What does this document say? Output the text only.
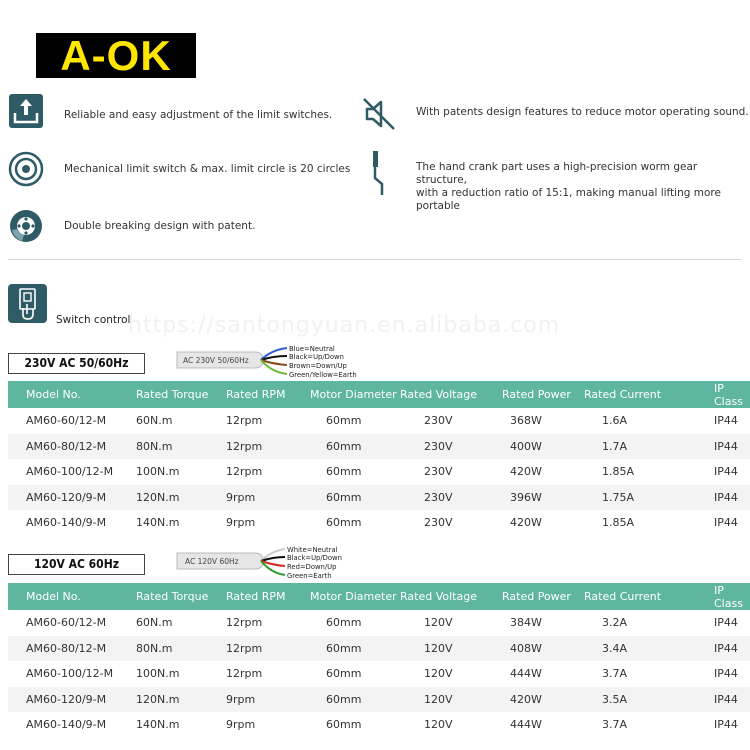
A-OK
Reliable and easy adjustment of the limit switches.
Mechanical limit switch & max. limit circle is 20 circles
Double breaking design with patent.
With patents design features to reduce motor operating sound.
The hand crank part uses a high-precision worm gear structure,
with a reduction ratio of 15:1, making manual lifting more portable
Switch control
https://santongyuan.en.alibaba.com
230V AC 50/60Hz	AC 230V 50/60Hz
Blue=Neutral
Black=Up/Down
Brown=Down/Up
Green/Yellow=Earth
Model No.	Rated Torque	Rated RPM	Motor Diameter	Rated Voltage	Rated Power	Rated Current	IP Class
AM60-60/12-M	60N.m	12rpm	60mm	230V	368W	1.6A	IP44
AM60-80/12-M	80N.m	12rpm	60mm	230V	400W	1.7A	IP44
AM60-100/12-M	100N.m	12rpm	60mm	230V	420W	1.85A	IP44
AM60-120/9-M	120N.m	9rpm	60mm	230V	396W	1.75A	IP44
AM60-140/9-M	140N.m	9rpm	60mm	230V	420W	1.85A	IP44
120V AC 60Hz	AC 120V 60Hz
White=Neutral
Black=Up/Down
Red=Down/Up
Green=Earth
Model No.	Rated Torque	Rated RPM	Motor Diameter	Rated Voltage	Rated Power	Rated Current	IP Class
AM60-60/12-M	60N.m	12rpm	60mm	120V	384W	3.2A	IP44
AM60-80/12-M	80N.m	12rpm	60mm	120V	408W	3.4A	IP44
AM60-100/12-M	100N.m	12rpm	60mm	120V	444W	3.7A	IP44
AM60-120/9-M	120N.m	9rpm	60mm	120V	420W	3.5A	IP44
AM60-140/9-M	140N.m	9rpm	60mm	120V	444W	3.7A	IP44
